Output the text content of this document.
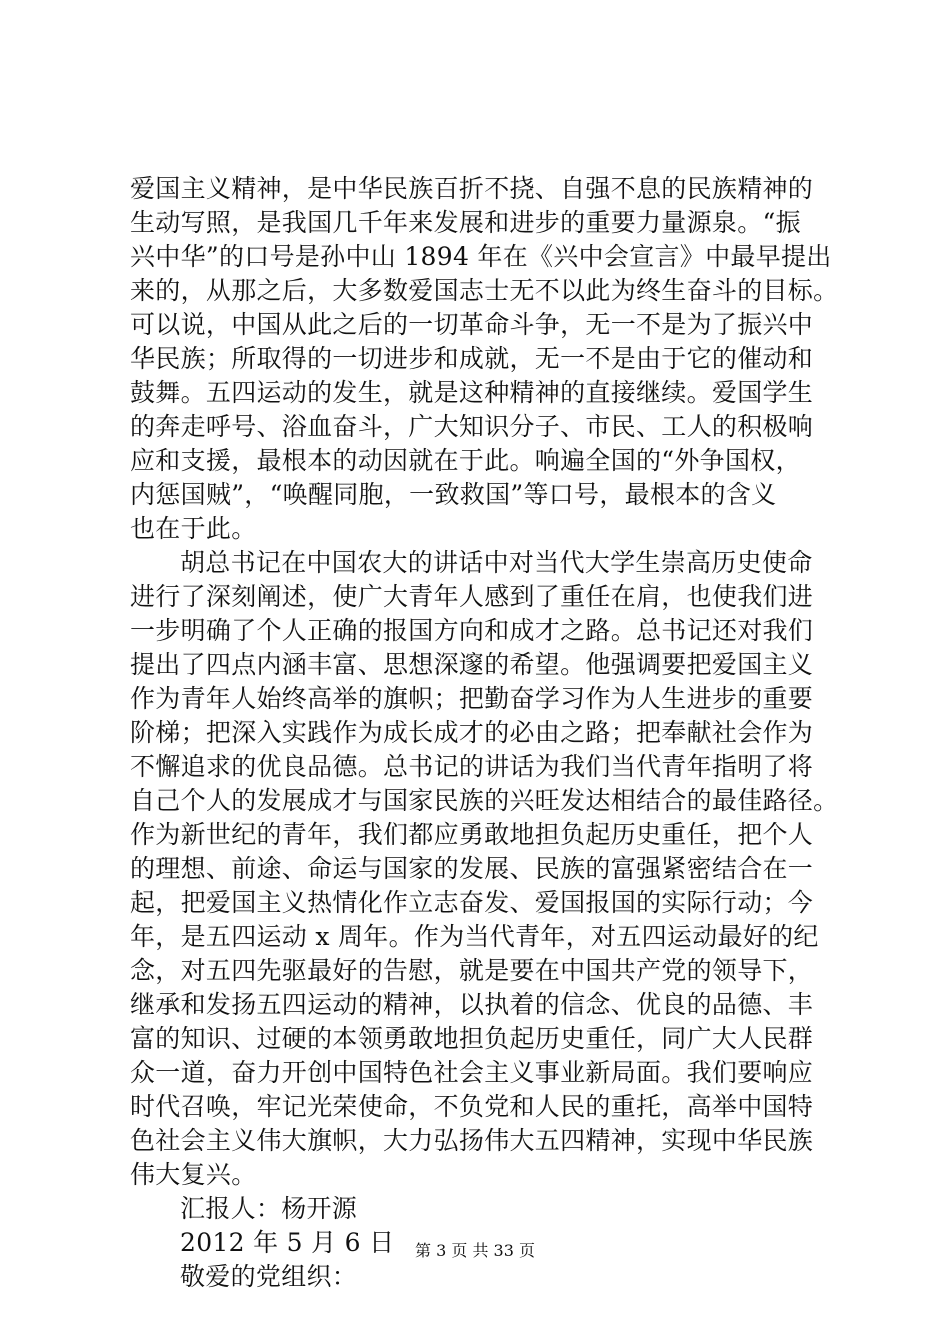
爱国主义精神，是中华民族百折不挠、自强不息的民族精神的
生动写照，是我国几千年来发展和进步的重要力量源泉。“振
兴中华”的口号是孙中山 1894 年在《兴中会宣言》中最早提出
来的，从那之后，大多数爱国志士无不以此为终生奋斗的目标。
可以说，中国从此之后的一切革命斗争，无一不是为了振兴中
华民族；所取得的一切进步和成就，无一不是由于它的催动和
鼓舞。五四运动的发生，就是这种精神的直接继续。爱国学生
的奔走呼号、浴血奋斗，广大知识分子、市民、工人的积极响
应和支援，最根本的动因就在于此。响遍全国的“外争国权，
内惩国贼”，“唤醒同胞，一致救国”等口号，最根本的含义
也在于此。
胡总书记在中国农大的讲话中对当代大学生崇高历史使命
进行了深刻阐述，使广大青年人感到了重任在肩，也使我们进
一步明确了个人正确的报国方向和成才之路。总书记还对我们
提出了四点内涵丰富、思想深邃的希望。他强调要把爱国主义
作为青年人始终高举的旗帜；把勤奋学习作为人生进步的重要
阶梯；把深入实践作为成长成才的必由之路；把奉献社会作为
不懈追求的优良品德。总书记的讲话为我们当代青年指明了将
自己个人的发展成才与国家民族的兴旺发达相结合的最佳路径。
作为新世纪的青年，我们都应勇敢地担负起历史重任，把个人
的理想、前途、命运与国家的发展、民族的富强紧密结合在一
起，把爱国主义热情化作立志奋发、爱国报国的实际行动；今
年，是五四运动 x 周年。作为当代青年，对五四运动最好的纪
念，对五四先驱最好的告慰，就是要在中国共产党的领导下，
继承和发扬五四运动的精神，以执着的信念、优良的品德、丰
富的知识、过硬的本领勇敢地担负起历史重任，同广大人民群
众一道，奋力开创中国特色社会主义事业新局面。我们要响应
时代召唤，牢记光荣使命，不负党和人民的重托，高举中国特
色社会主义伟大旗帜，大力弘扬伟大五四精神，实现中华民族
伟大复兴。
汇报人：杨开源
2012 年 5 月 6 日
敬爱的党组织：
第 3 页 共 33 页
